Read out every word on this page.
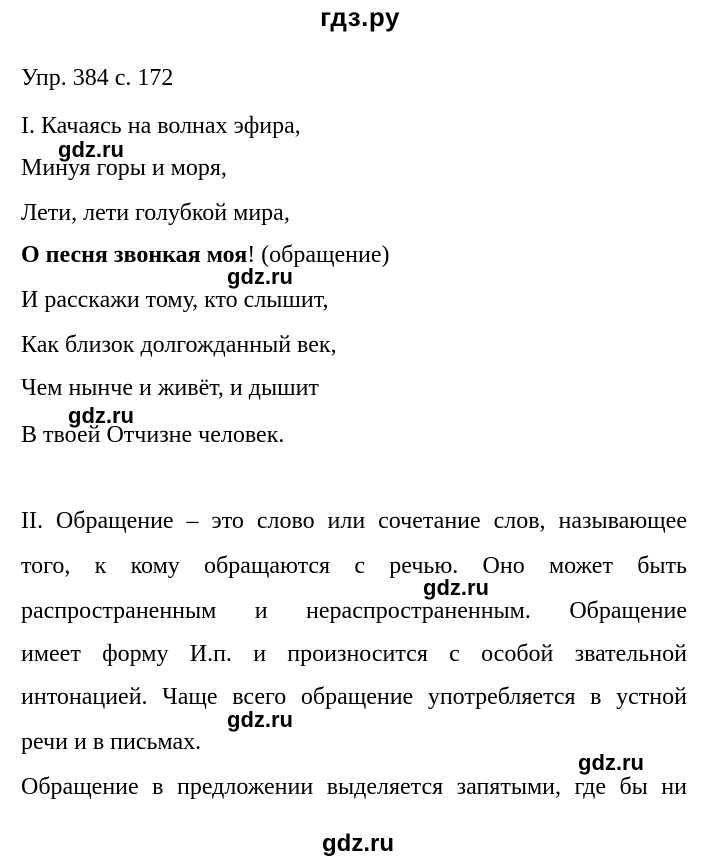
гдз.ру
Упр. 384 с. 172
I. Качаясь на волнах эфира,
Минуя горы и моря,
Лети, лети голубкой мира,
О песня звонкая моя! (обращение)
И расскажи тому, кто слышит,
Как близок долгожданный век,
Чем нынче и живёт, и дышит
В твоей Отчизне человек.
II. Обращение – это слово или сочетание слов, называющее
того, к кому обращаются с речью. Оно может быть
распространенным и нераспространенным. Обращение
имеет форму И.п. и произносится с особой звательной
интонацией. Чаще всего обращение употребляется в устной
речи и в письмах.
Обращение в предложении выделяется запятыми, где бы ни
gdz.ru
gdz.ru
gdz.ru
gdz.ru
gdz.ru
gdz.ru
gdz.ru
